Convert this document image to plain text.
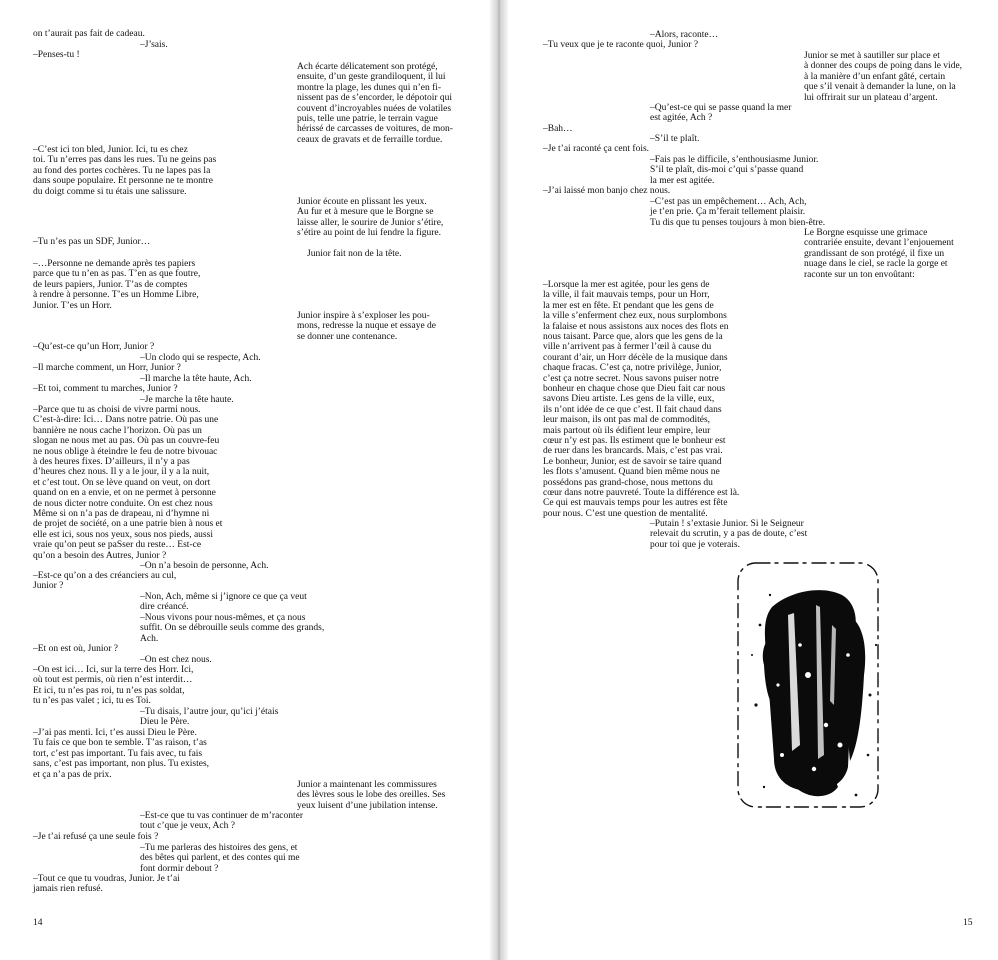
on t’aurait pas fait de cadeau.
–J’sais.
–Penses-tu !
Ach écarte délicatement son protégé,
ensuite, d’un geste grandiloquent, il lui
montre la plage, les dunes qui n’en fi-
nissent pas de s’encorder, le dépotoir qui
couvent d’incroyables nuées de volatiles
puis, telle une patrie, le terrain vague
hérissé de carcasses de voitures, de mon-
ceaux de gravats et de ferraille tordue.
–C’est ici ton bled, Junior. Ici, tu es chez
toi. Tu n’erres pas dans les rues. Tu ne geins pas
au fond des portes cochères. Tu ne lapes pas la
dans soupe populaire. Et personne ne te montre
du doigt comme si tu étais une salissure.
Junior écoute en plissant les yeux.
Au fur et à mesure que le Borgne se
laisse aller, le sourire de Junior s’étire,
s’étire au point de lui fendre la figure.
–Tu n’es pas un SDF, Junior…
Junior fait non de la tête.
–…Personne ne demande après tes papiers
parce que tu n’en as pas. T’en as que foutre,
de leurs papiers, Junior. T’as de comptes
à rendre à personne. T’es un Homme Libre,
Junior. T’es un Horr.
Junior inspire à s’exploser les pou-
mons, redresse la nuque et essaye de
se donner une contenance.
–Qu’est-ce qu’un Horr, Junior ?
–Un clodo qui se respecte, Ach.
–Il marche comment, un Horr, Junior ?
–Il marche la tête haute, Ach.
–Et toi, comment tu marches, Junior ?
–Je marche la tête haute.
–Parce que tu as choisi de vivre parmi nous.
C’est-à-dire: Ici… Dans notre patrie. Où pas une
bannière ne nous cache l’horizon. Où pas un
slogan ne nous met au pas. Où pas un couvre-feu
ne nous oblige à éteindre le feu de notre bivouac
à des heures fixes. D’ailleurs, il n’y a pas
d’heures chez nous. Il y a le jour, il y a la nuit,
et c’est tout. On se lève quand on veut, on dort
quand on en a envie, et on ne permet à personne
de nous dicter notre conduite. On est chez nous
Même si on n’a pas de drapeau, ni d’hymne ni
de projet de société, on a une patrie bien à nous et
elle est ici, sous nos yeux, sous nos pieds, aussi
vraie qu’on peut se paSser du reste… Est-ce
qu’on a besoin des Autres, Junior ?
–On n’a besoin de personne, Ach.
–Est-ce qu’on a des créanciers au cul,
Junior ?
–Non, Ach, même si j’ignore ce que ça veut
dire créancé.
–Nous vivons pour nous-mêmes, et ça nous
suffit. On se débrouille seuls comme des grands,
Ach.
–Et on est où, Junior ?
–On est chez nous.
–On est ici… Ici, sur la terre des Horr. Ici,
où tout est permis, où rien n’est interdit…
Et ici, tu n’es pas roi, tu n’es pas soldat,
tu n’es pas valet ; ici, tu es Toi.
–Tu disais, l’autre jour, qu’ici j’étais
Dieu le Père.
–J’ai pas menti. Ici, t’es aussi Dieu le Père.
Tu fais ce que bon te semble. T’as raison, t’as
tort, c’est pas important. Tu fais avec, tu fais
sans, c’est pas important, non plus. Tu existes,
et ça n’a pas de prix.
Junior a maintenant les commissures
des lèvres sous le lobe des oreilles. Ses
yeux luisent d’une jubilation intense.
–Est-ce que tu vas continuer de m’raconter
tout c’que je veux, Ach ?
–Je t’ai refusé ça une seule fois ?
–Tu me parleras des histoires des gens, et
des bêtes qui parlent, et des contes qui me
font dormir debout ?
–Tout ce que tu voudras, Junior. Je t’ai
jamais rien refusé.
14
–Alors, raconte…
–Tu veux que je te raconte quoi, Junior ?
Junior se met à sautiller sur place et
à donner des coups de poing dans le vide,
à la manière d’un enfant gâté, certain
que s’il venait à demander la lune, on la
lui offrirait sur un plateau d’argent.
–Qu’est-ce qui se passe quand la mer
est agitée, Ach ?
–Bah…
–S’il te plaît.
–Je t’ai raconté ça cent fois.
–Fais pas le difficile, s’enthousiasme Junior.
S’il te plaît, dis-moi c’qui s’passe quand
la mer est agitée.
–J’ai laissé mon banjo chez nous.
–C’est pas un empêchement… Ach, Ach,
je t’en prie. Ça m’ferait tellement plaisir.
Tu dis que tu penses toujours à mon bien-être.
Le Borgne esquisse une grimace
contrariée ensuite, devant l’enjouement
grandissant de son protégé, il fixe un
nuage dans le ciel, se racle la gorge et
raconte sur un ton envoûtant:
–Lorsque la mer est agitée, pour les gens de
la ville, il fait mauvais temps, pour un Horr,
la mer est en fête. Et pendant que les gens de
la ville s’enferment chez eux, nous surplombons
la falaise et nous assistons aux noces des flots en
nous taisant. Parce que, alors que les gens de la
ville n’arrivent pas à fermer l’œil à cause du
courant d’air, un Horr décèle de la musique dans
chaque fracas. C’est ça, notre privilège, Junior,
c’est ça notre secret. Nous savons puiser notre
bonheur en chaque chose que Dieu fait car nous
savons Dieu artiste. Les gens de la ville, eux,
ils n’ont idée de ce que c’est. Il fait chaud dans
leur maison, ils ont pas mal de commodités,
mais partout où ils édifient leur empire, leur
cœur n’y est pas. Ils estiment que le bonheur est
de ruer dans les brancards. Mais, c’est pas vrai.
Le bonheur, Junior, est de savoir se taire quand
les flots s’amusent. Quand bien même nous ne
possédons pas grand-chose, nous mettons du
cœur dans notre pauvreté. Toute la différence est là.
Ce qui est mauvais temps pour les autres est fête
pour nous. C’est une question de mentalité.
–Putain ! s’extasie Junior. Si le Seigneur
relevait du scrutin, y a pas de doute, c’est
pour toi que je voterais.
15
